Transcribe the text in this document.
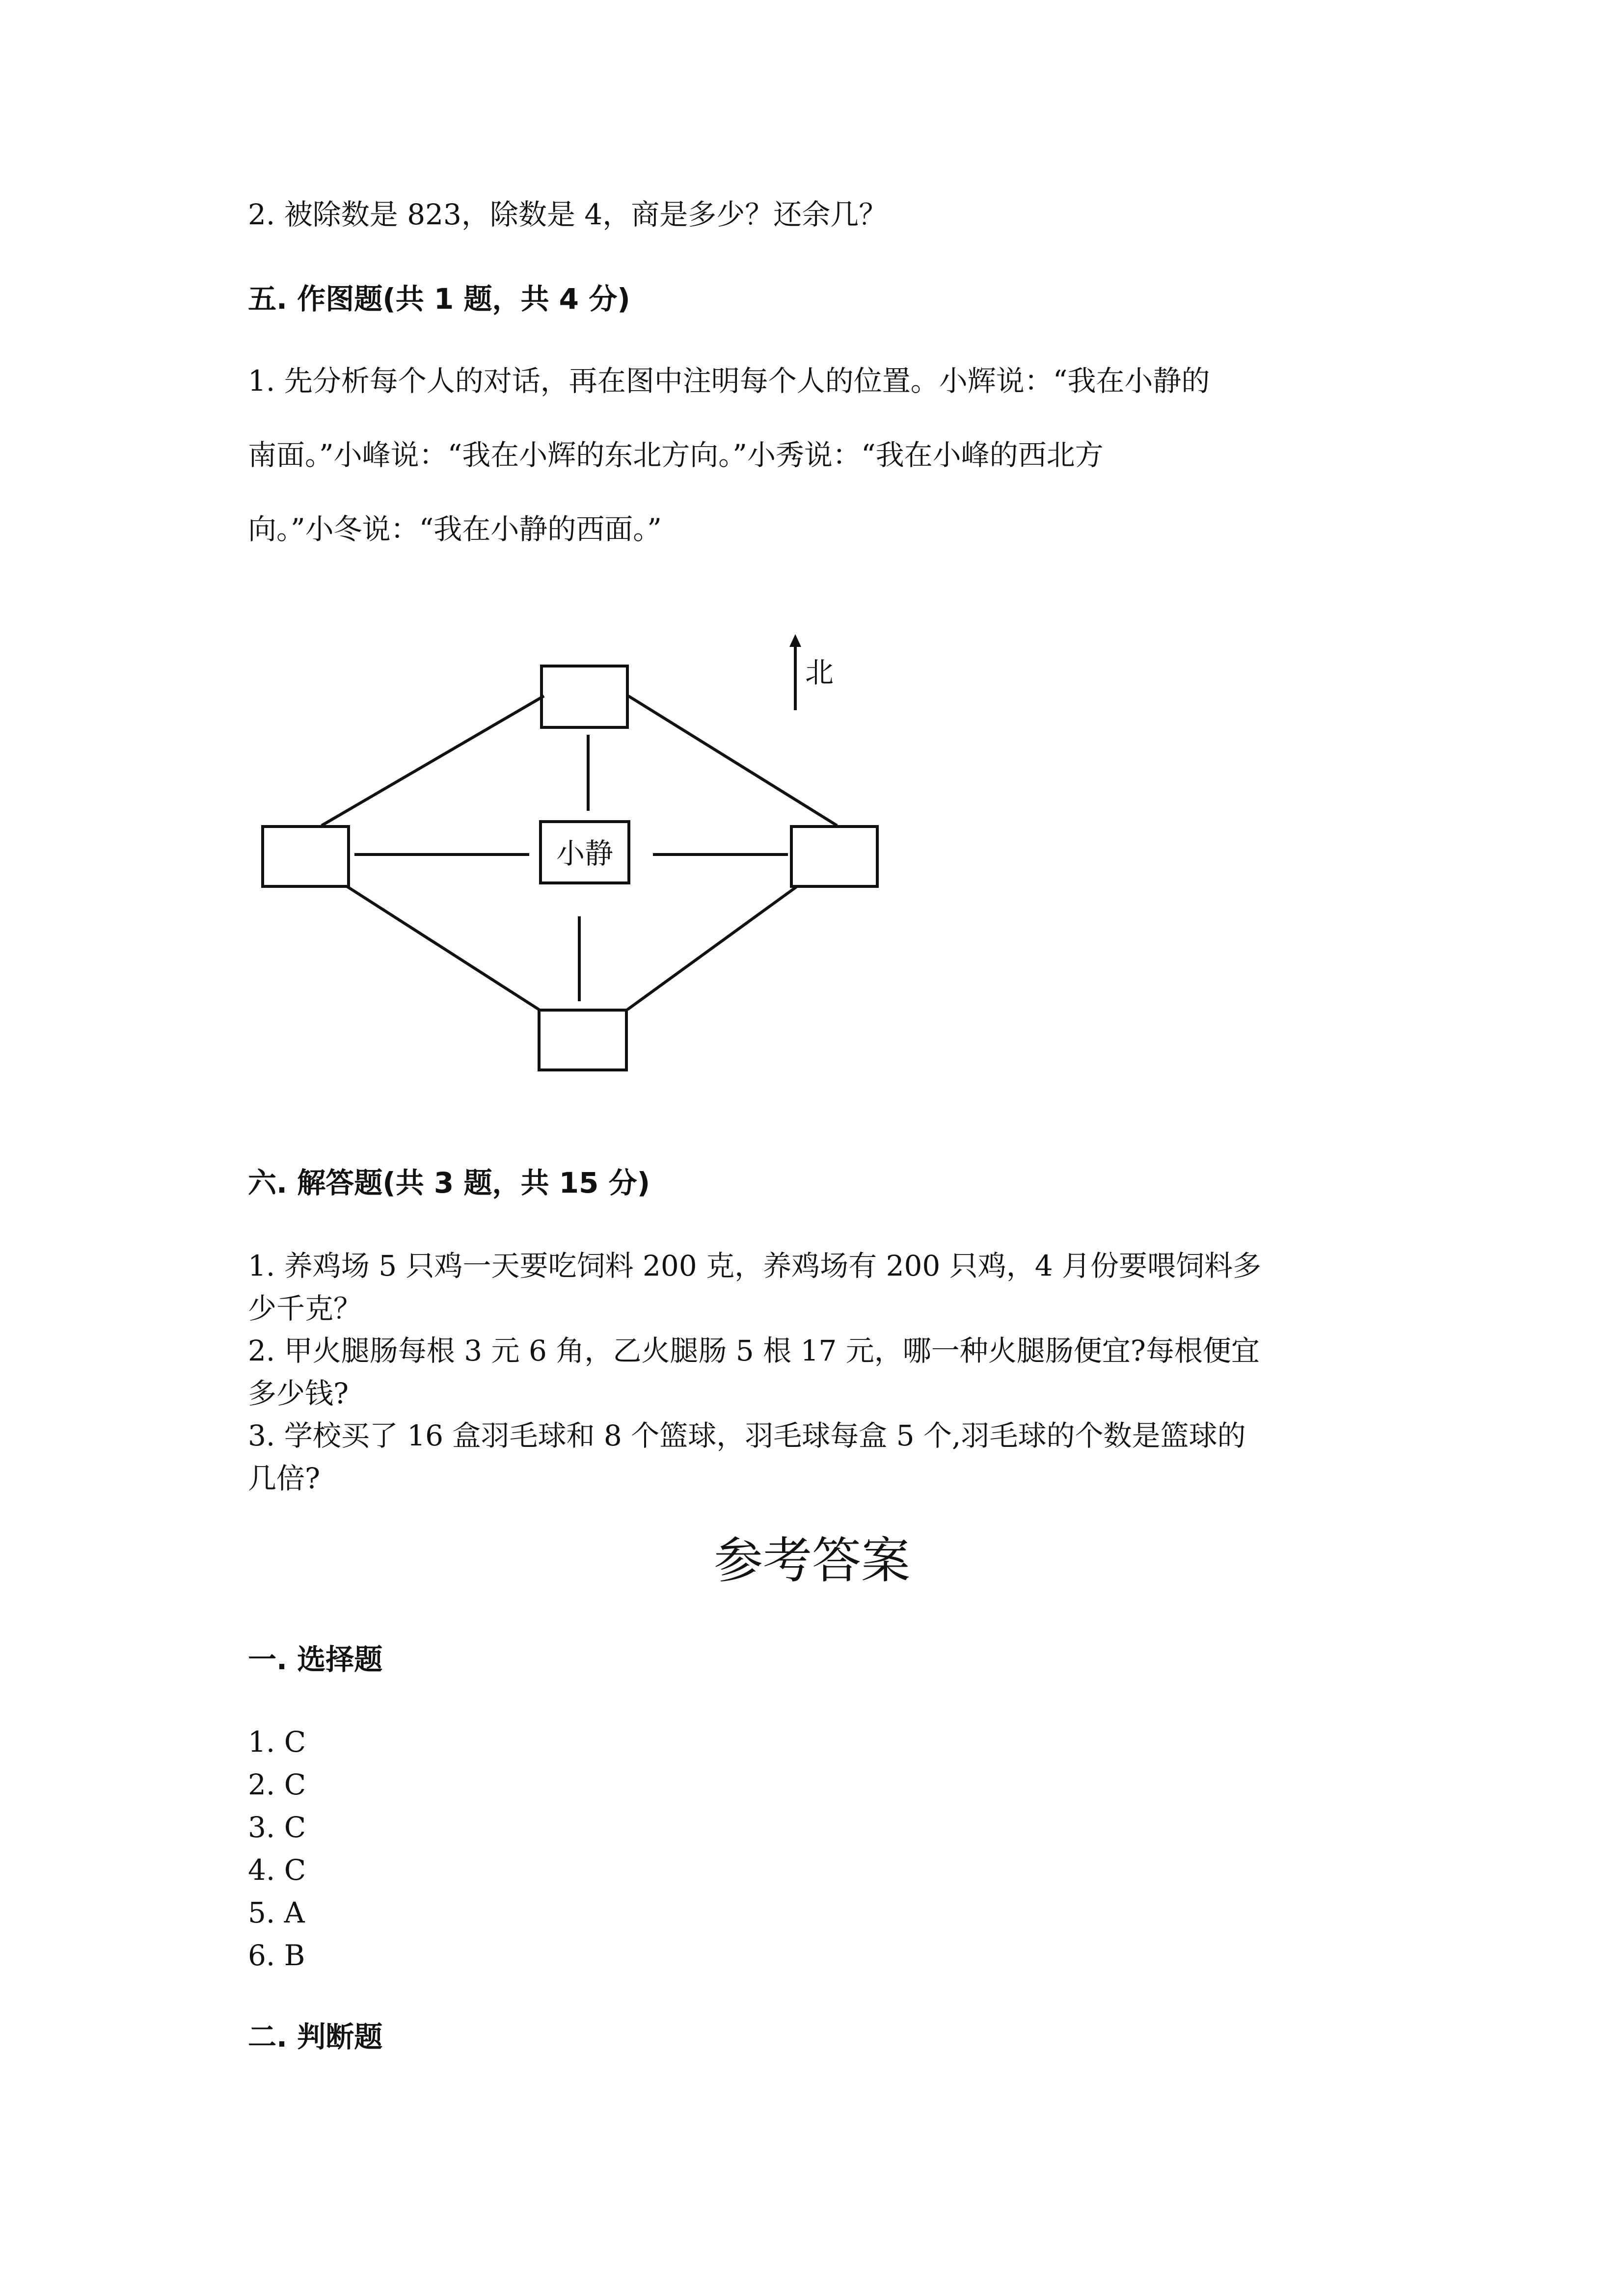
2. 被除数是 823，除数是 4，商是多少？还余几？

五. 作图题(共 1 题，共 4 分)

1. 先分析每个人的对话，再在图中注明每个人的位置。小辉说：“我在小静的

南面。”小峰说：“我在小辉的东北方向。”小秀说：“我在小峰的西北方

向。”小冬说：“我在小静的西面。”

小静
北

六. 解答题(共 3 题，共 15 分)

1. 养鸡场 5 只鸡一天要吃饲料 200 克，养鸡场有 200 只鸡，4 月份要喂饲料多

少千克？

2. 甲火腿肠每根 3 元 6 角，乙火腿肠 5 根 17 元，哪一种火腿肠便宜?每根便宜

多少钱?

3. 学校买了 16 盒羽毛球和 8 个篮球，羽毛球每盒 5 个,羽毛球的个数是篮球的

几倍?

参考答案

一. 选择题

1. C

2. C

3. C

4. C

5. A

6. B

二. 判断题
